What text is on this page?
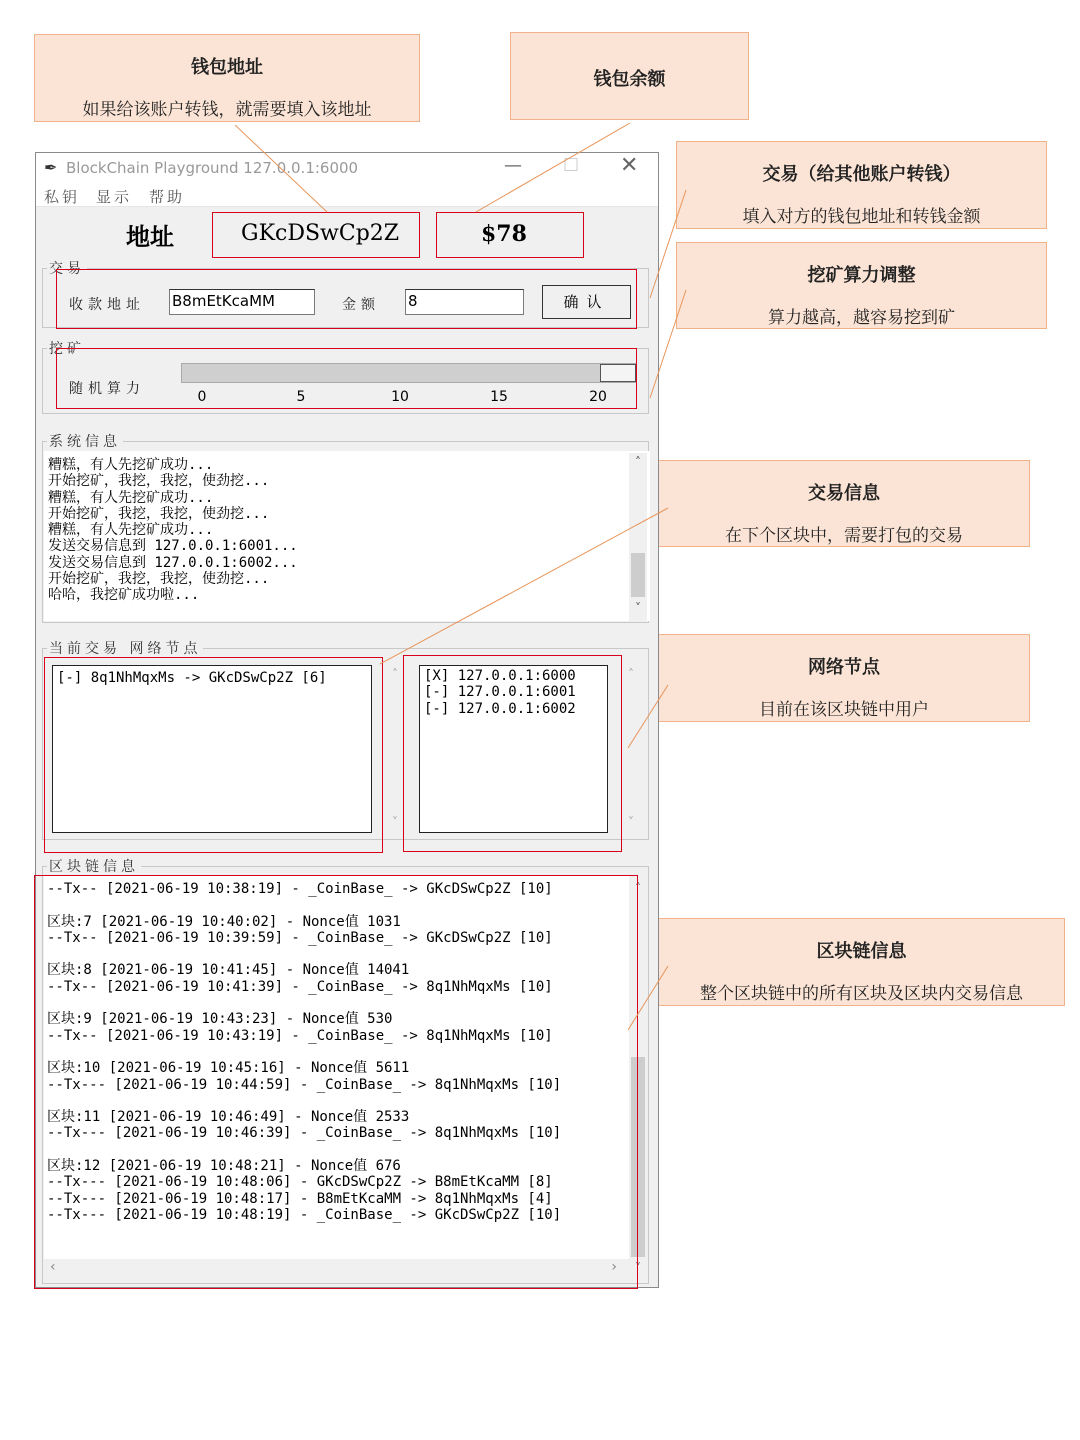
钱包地址
如果给该账户转钱，就需要填入该地址
钱包余额
交易（给其他账户转钱）
填入对方的钱包地址和转钱金额
挖矿算力调整
算力越高，越容易挖到矿
交易信息
在下个区块中，需要打包的交易
网络节点
目前在该区块链中用户
区块链信息
整个区块链中的所有区块及区块内交易信息
✒ BlockChain Playground 127.0.0.1:6000	— ☐ ✕
私钥 显示 帮助
地址	GKcDSwCp2Z	$78
交易
收款地址 B8mEtKcaMM	金额 8	确认
挖矿
随机算力	0	5	10	15	20
系统信息
糟糕，有人先挖矿成功...
开始挖矿，我挖，我挖，使劲挖...
糟糕，有人先挖矿成功...
开始挖矿，我挖，我挖，使劲挖...
糟糕，有人先挖矿成功...
发送交易信息到 127.0.0.1:6001...
发送交易信息到 127.0.0.1:6002...
开始挖矿，我挖，我挖，使劲挖...
哈哈，我挖矿成功啦...
˄
˅
当前交易 网络节点
[-] 8q1NhMqxMs -> GKcDSwCp2Z [6]	˄
˅
[X] 127.0.0.1:6000
[-] 127.0.0.1:6001
[-] 127.0.0.1:6002
˄
˅
区块链信息
--Tx-- [2021-06-19 10:38:19] - _CoinBase_ -> GKcDSwCp2Z [10]

区块:7 [2021-06-19 10:40:02] - Nonce值 1031
--Tx-- [2021-06-19 10:39:59] - _CoinBase_ -> GKcDSwCp2Z [10]

区块:8 [2021-06-19 10:41:45] - Nonce值 14041
--Tx-- [2021-06-19 10:41:39] - _CoinBase_ -> 8q1NhMqxMs [10]

区块:9 [2021-06-19 10:43:23] - Nonce值 530
--Tx-- [2021-06-19 10:43:19] - _CoinBase_ -> 8q1NhMqxMs [10]

区块:10 [2021-06-19 10:45:16] - Nonce值 5611
--Tx--- [2021-06-19 10:44:59] - _CoinBase_ -> 8q1NhMqxMs [10]

区块:11 [2021-06-19 10:46:49] - Nonce值 2533
--Tx--- [2021-06-19 10:46:39] - _CoinBase_ -> 8q1NhMqxMs [10]

区块:12 [2021-06-19 10:48:21] - Nonce值 676
--Tx--- [2021-06-19 10:48:06] - GKcDSwCp2Z -> B8mEtKcaMM [8]
--Tx--- [2021-06-19 10:48:17] - B8mEtKcaMM -> 8q1NhMqxMs [4]
--Tx--- [2021-06-19 10:48:19] - _CoinBase_ -> GKcDSwCp2Z [10]
˄
˅
‹	›
